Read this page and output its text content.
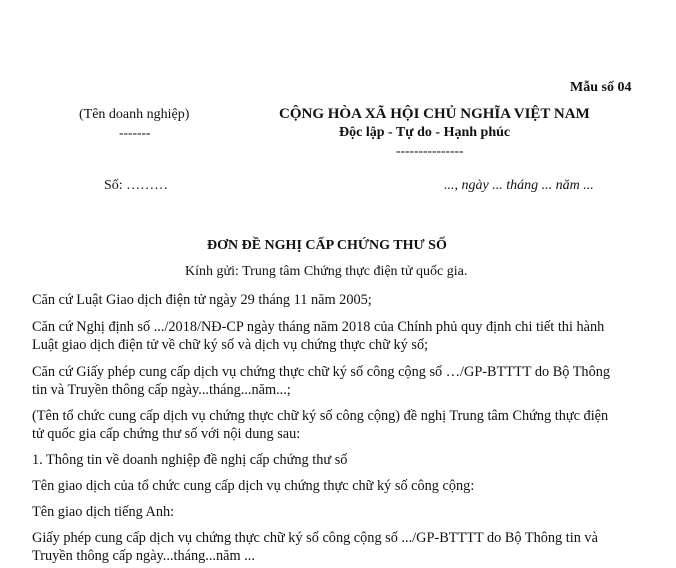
Mẫu số 04
(Tên doanh nghiệp)
-------
CỘNG HÒA XÃ HỘI CHỦ NGHĨA VIỆT NAM
Độc lập - Tự do - Hạnh phúc
---------------
Số: ………	..., ngày ... tháng ... năm ...
ĐƠN ĐỀ NGHỊ CẤP CHỨNG THƯ SỐ
Kính gửi: Trung tâm Chứng thực điện tử quốc gia.
Căn cứ Luật Giao dịch điện tử ngày 29 tháng 11 năm 2005;
Căn cứ Nghị định số .../2018/NĐ-CP ngày tháng năm 2018 của Chính phủ quy định chi tiết thi hành
Luật giao dịch điện tử về chữ ký số và dịch vụ chứng thực chữ ký số;
Căn cứ Giấy phép cung cấp dịch vụ chứng thực chữ ký số công cộng số …/GP-BTTTT do Bộ Thông
tin và Truyền thông cấp ngày...tháng...năm...;
(Tên tổ chức cung cấp dịch vụ chứng thực chữ ký số công cộng) đề nghị Trung tâm Chứng thực điện
tử quốc gia cấp chứng thư số với nội dung sau:
1. Thông tin về doanh nghiệp đề nghị cấp chứng thư số
Tên giao dịch của tổ chức cung cấp dịch vụ chứng thực chữ ký số công cộng:
Tên giao dịch tiếng Anh:
Giấy phép cung cấp dịch vụ chứng thực chữ ký số công cộng số .../GP-BTTTT do Bộ Thông tin và
Truyền thông cấp ngày...tháng...năm ...
